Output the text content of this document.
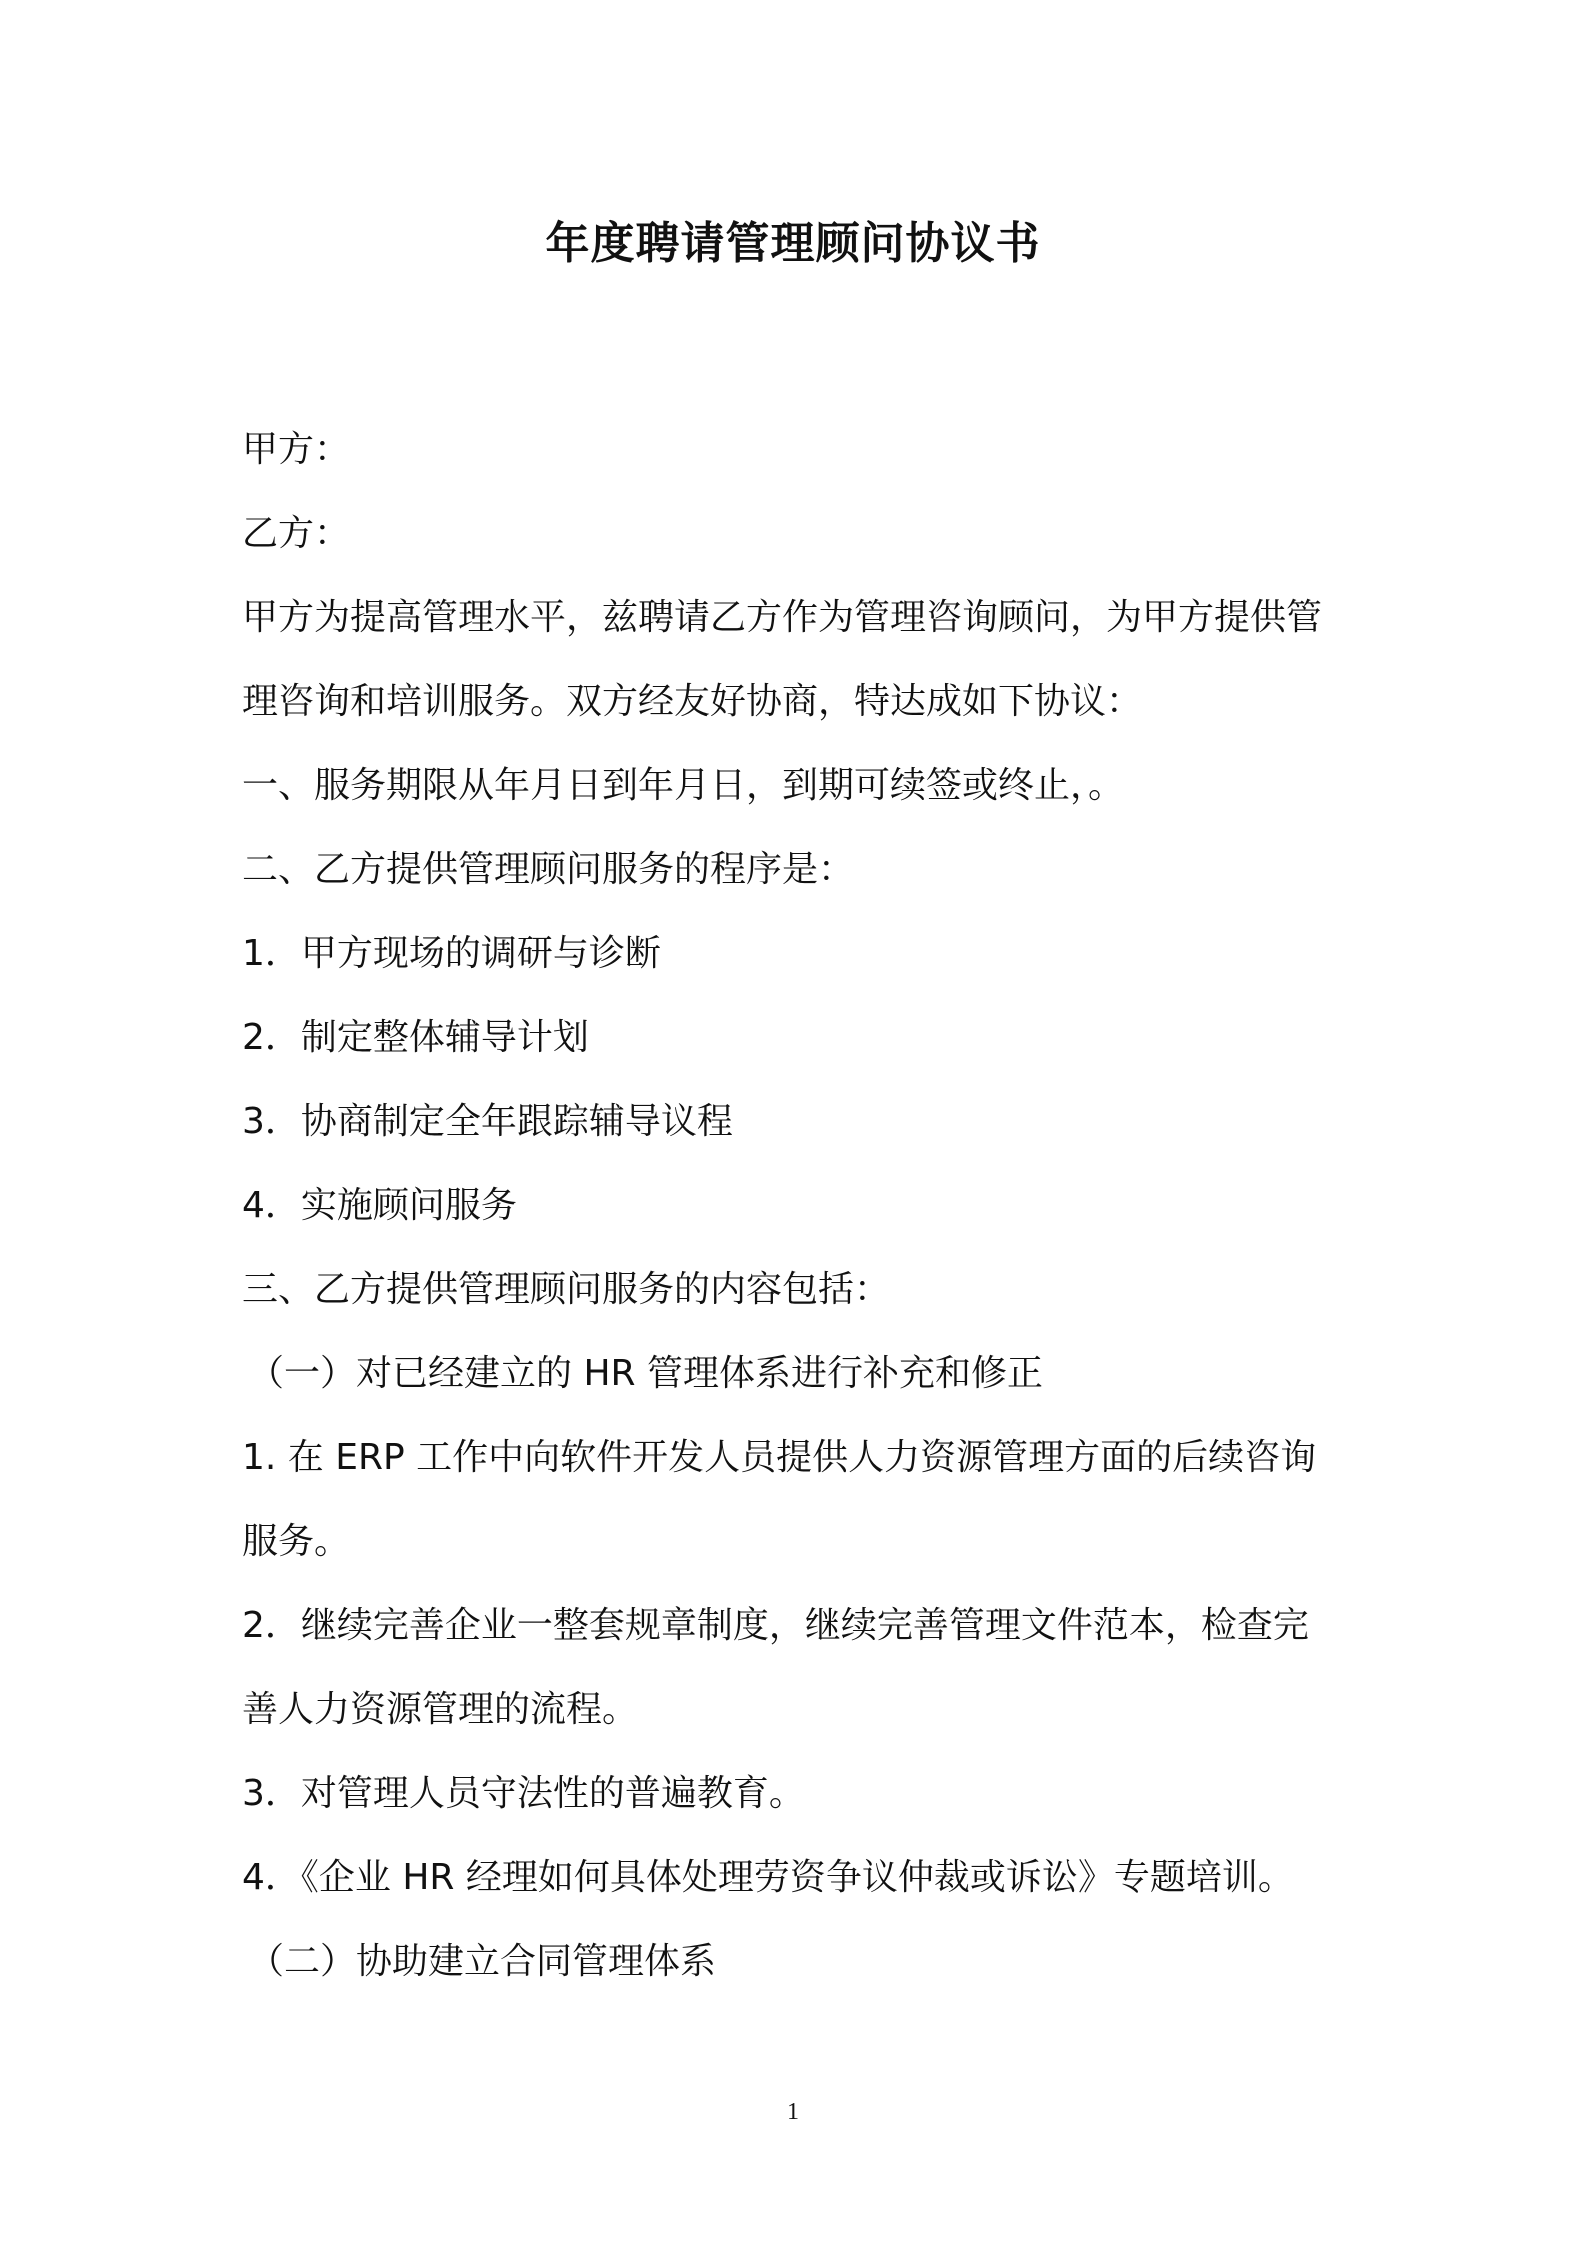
年度聘请管理顾问协议书
甲方：
乙方：
甲方为提高管理水平，兹聘请乙方作为管理咨询顾问，为甲方提供管
理咨询和培训服务。双方经友好协商，特达成如下协议：
一、服务期限从年月日到年月日，到期可续签或终止，。
二、乙方提供管理顾问服务的程序是：
1．甲方现场的调研与诊断
2．制定整体辅导计划
3．协商制定全年跟踪辅导议程
4．实施顾问服务
三、乙方提供管理顾问服务的内容包括：
（一）对已经建立的 HR 管理体系进行补充和修正
1. 在 ERP 工作中向软件开发人员提供人力资源管理方面的后续咨询
服务。
2．继续完善企业一整套规章制度，继续完善管理文件范本，检查完
善人力资源管理的流程。
3．对管理人员守法性的普遍教育。
4．《企业 HR 经理如何具体处理劳资争议仲裁或诉讼》专题培训。
（二）协助建立合同管理体系
1
